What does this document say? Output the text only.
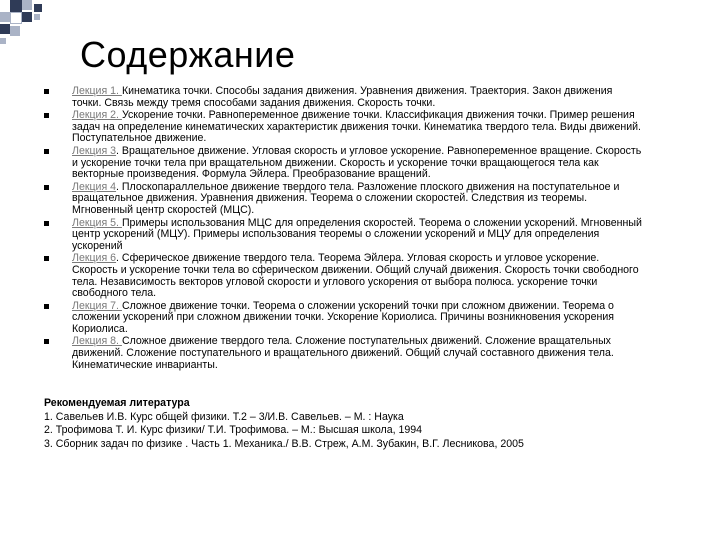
Содержание
Лекция 1. Кинематика точки. Способы задания движения. Уравнения движения. Траектория. Закон движения точки. Связь между тремя способами задания движения. Скорость точки.
Лекция 2. Ускорение точки. Равнопеременное движение точки. Классификация движения точки. Пример решения задач на определение кинематических характеристик движения точки. Кинематика твердого тела. Виды движений. Поступательное движение.
Лекция 3. Вращательное движение. Угловая скорость и угловое ускорение. Равнопеременное вращение. Скорость и ускорение точки тела при вращательном движении. Скорость и ускорение точки вращающегося тела как векторные произведения. Формула Эйлера. Преобразование вращений.
Лекция 4. Плоскопараллельное движение твердого тела. Разложение плоского движения на поступательное и вращательное движения. Уравнения движения. Теорема о сложении скоростей. Следствия из теоремы. Мгновенный центр скоростей (МЦС).
Лекция 5. Примеры использования МЦС для определения скоростей. Теорема о сложении ускорений. Мгновенный центр ускорений (МЦУ). Примеры использования теоремы о сложении ускорений и МЦУ для определения ускорений
Лекция 6. Сферическое движение твердого тела. Теорема Эйлера. Угловая скорость и угловое ускорение. Скорость и ускорение точки тела во сферическом движении. Общий случай движения. Скорость точки свободного тела. Независимость векторов угловой скорости и углового ускорения от выбора полюса. ускорение точки свободного тела.
Лекция 7. Сложное движение точки. Теорема о сложении ускорений точки при сложном движении. Теорема о сложении ускорений при сложном движении точки. Ускорение Кориолиса. Причины возникновения ускорения Кориолиса.
Лекция 8. Сложное движение твердого тела. Сложение поступательных движений. Сложение вращательных движений. Сложение поступательного и вращательного движений. Общий случай составного движения тела. Кинематические инварианты.
Рекомендуемая литература
1. Савельев И.В. Курс общей физики. Т.2 – 3/И.В. Савельев. – М. : Наука
2. Трофимова Т. И. Курс физики/ Т.И. Трофимова. – М.: Высшая школа, 1994
3. Сборник задач по физике . Часть 1. Механика./ В.В. Стреж, А.М. Зубакин, В.Г. Лесникова, 2005
